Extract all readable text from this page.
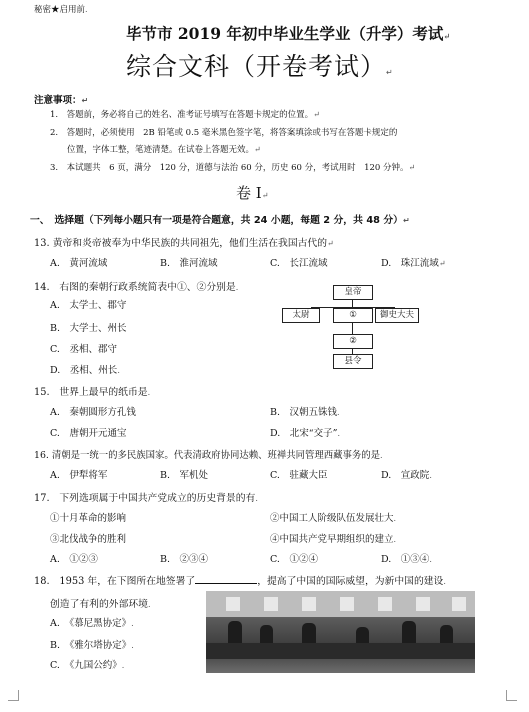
秘密★启用前.
毕节市 2019 年初中毕业生学业（升学）考试↵
综合文科（开卷考试）↵
注意事项：↵
1.　答题前，务必将自己的姓名、准考证号填写在答题卡规定的位置。↵
2.　答题时，必须使用　2B 铅笔或 0.5 毫米黑色签字笔，将答案填涂或书写在答题卡规定的
位置，字体工整，笔迹清楚。在试卷上答题无效。↵
3.　本试题共　6 页，满分　120 分，道德与法治 60 分，历史 60 分，考试用时　120 分钟。↵
卷 I↵
一、　 选择题（下列每小题只有一项是符合题意，共 24 小题，每题 2 分，共 48 分）↵
13. 黄帝和炎帝被奉为中华民族的共同祖先，他们生活在我国古代的↵
A.　黄河流域	B.　淮河流域	C.　长江流域	D.　珠江流域↵
14.　右图的秦朝行政系统简表中①、②分别是.
A.　太学士、郡守
B.　大学士、州长
C.　丞相、郡守
D.　丞相、州长.
皇帝
太尉	①	御史大夫
②
县令
15.　世界上最早的纸币是.
A.　秦朝圆形方孔钱	B.　汉朝五铢钱.
C.　唐朝开元通宝	D.　北宋“交子”.
16. 清朝是一统一的多民族国家。代表清政府协同达赖、班禅共同管理西藏事务的是.
A.　伊犁将军	B.　军机处	C.　驻藏大臣	D.　宣政院.
17.　下列选项属于中国共产党成立的历史背景的有.
①十月革命的影响	②中国工人阶级队伍发展壮大.
③北伐战争的胜利	④中国共产党早期组织的建立.
A.　①②③	B.　②③④	C.　①②④	D.　①③④.
18.　1953 年，在下图所在地签署了	，提高了中国的国际威望，为新中国的建设.
创造了有利的外部环境.
A.　《慕尼黑协定》.
B.　《雅尔塔协定》.
C.　《九国公约》.
